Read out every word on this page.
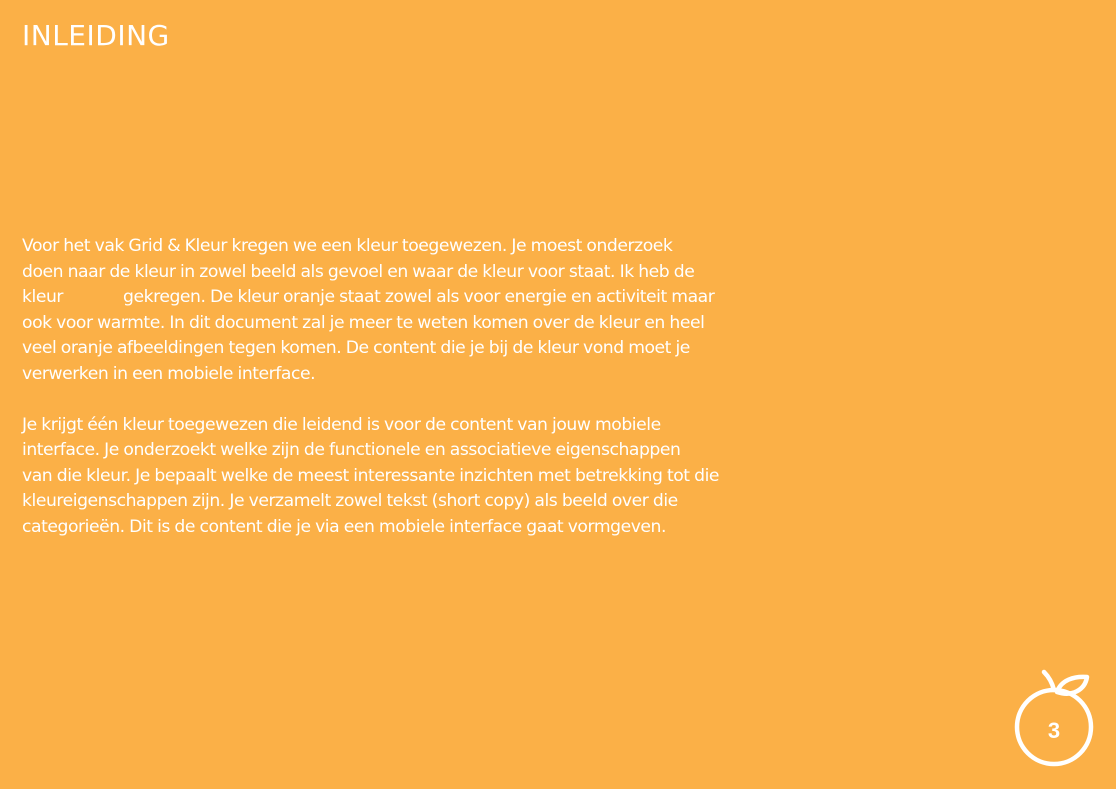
INLEIDING

Voor het vak Grid & Kleur kregen we een kleur toegewezen. Je moest onderzoek
doen naar de kleur in zowel beeld als gevoel en waar de kleur voor staat. Ik heb de
kleur	gekregen. De kleur oranje staat zowel als voor energie en activiteit maar
ook voor warmte. In dit document zal je meer te weten komen over de kleur en heel
veel oranje afbeeldingen tegen komen. De content die je bij de kleur vond moet je
verwerken in een mobiele interface.

Je krijgt één kleur toegewezen die leidend is voor de content van jouw mobiele
interface. Je onderzoekt welke zijn de functionele en associatieve eigenschappen
van die kleur. Je bepaalt welke de meest interessante inzichten met betrekking tot die
kleureigenschappen zijn. Je verzamelt zowel tekst (short copy) als beeld over die
categorieën. Dit is de content die je via een mobiele interface gaat vormgeven.

3
